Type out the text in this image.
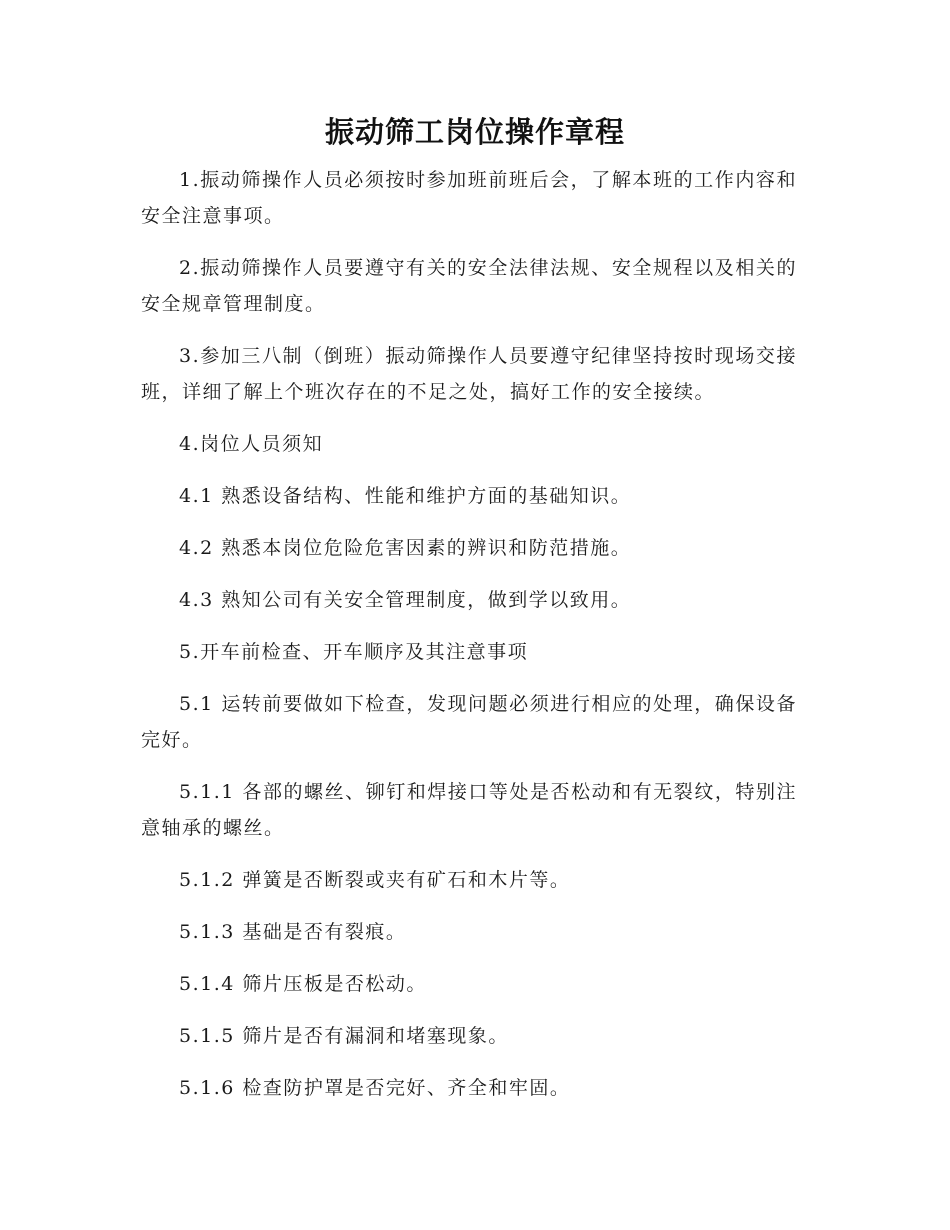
振动筛工岗位操作章程

1.振动筛操作人员必须按时参加班前班后会，了解本班的工作内容和安全注意事项。

2.振动筛操作人员要遵守有关的安全法律法规、安全规程以及相关的安全规章管理制度。

3.参加三八制（倒班）振动筛操作人员要遵守纪律坚持按时现场交接班，详细了解上个班次存在的不足之处，搞好工作的安全接续。

4.岗位人员须知

4.1 熟悉设备结构、性能和维护方面的基础知识。

4.2 熟悉本岗位危险危害因素的辨识和防范措施。

4.3 熟知公司有关安全管理制度，做到学以致用。

5.开车前检查、开车顺序及其注意事项

5.1 运转前要做如下检查，发现问题必须进行相应的处理，确保设备完好。

5.1.1 各部的螺丝、铆钉和焊接口等处是否松动和有无裂纹，特别注意轴承的螺丝。

5.1.2 弹簧是否断裂或夹有矿石和木片等。

5.1.3 基础是否有裂痕。

5.1.4 筛片压板是否松动。

5.1.5 筛片是否有漏洞和堵塞现象。

5.1.6 检查防护罩是否完好、齐全和牢固。
